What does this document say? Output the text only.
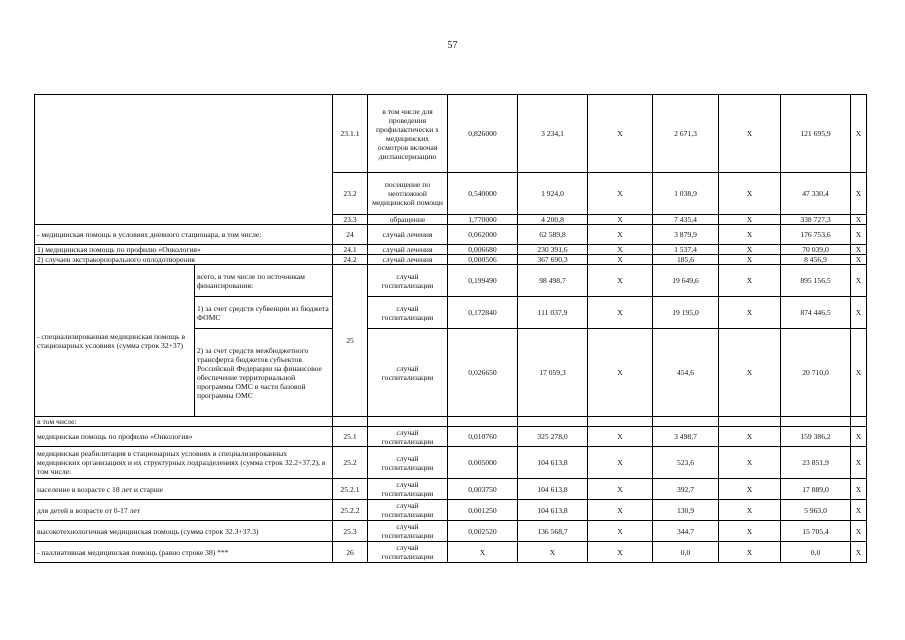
57
		23.1.1	в том числе для проведения профилактически х медицинских осмотров включая диспансеризацию	0,826000	3 234,1	X	2 671,3	X	121 695,9	X
		23.2	посещение по неотложной медицинской помощи	0,540000	1 924,0	X	1 038,9	X	47 330,4	X
		23.3	обращение	1,770000	4 200,8	X	7 435,4	X	338 727,3	X
- медицинская помощь в условиях дневного стационара, в том числе:		24	случай лечения	0,062000	62 589,8	X	3 879,9	X	176 753,6	X
1) медицинская помощь по профилю «Онкология»		24.1	случай лечения	0,006680	230 391,6	X	1 537,4	X	70 039,0	X
2) случаев экстракорпорального оплодотворения		24.2	случай лечения	0,000506	367 690,3	X	185,6	X	8 456,9	X
- специализированная медицинская помощь в стационарных условиях (сумма строк 32+37)	всего, в том числе по источникам финансирования:	25	случай госпитализации	0,199490	98 498,7	X	19 649,6	X	895 156,5	X
	1) за счет средств субвенции из бюджета ФОМС		случай госпитализации	0,172840	111 037,9	X	19 195,0	X	874 446,5	X
	2) за счет средств межбюджетного трансферта бюджетов субъектов Российской Федерации на финансовое обеспечение территориальной программы ОМС в части базовой программы ОМС		случай госпитализации	0,026650	17 059,3	X	454,6	X	20 710,0	X
в том числе:										
медицинская помощь по профилю «Онкология»		25.1	случай госпитализации	0,010760	325 278,0	X	3 498,7	X	159 386,2	X
медицинская реабилитация в стационарных условиях в специализированных медицинских организациях и их структурных подразделениях (сумма строк 32.2+37.2), в том числе:		25.2	случай госпитализации	0,005000	104 613,8	X	523,6	X	23 851,9	X
население в возрасте с 18 лет и старше		25.2.1	случай госпитализации	0,003750	104 613,8	X	392,7	X	17 889,0	X
для детей в возрасте от 0-17 лет		25.2.2	случай госпитализации	0,001250	104 613,8	X	130,9	X	5 963,0	X
высокотехнологичная медицинская помощь (сумма строк 32.3+37.3)		25.3	случай госпитализации	0,002520	136 568,7	X	344,7	X	15 705,4	X
- паллиативная медицинская помощь (равно строке 38) ***		26	случай госпитализации	X	X	X	0,0	X	0,0	X
